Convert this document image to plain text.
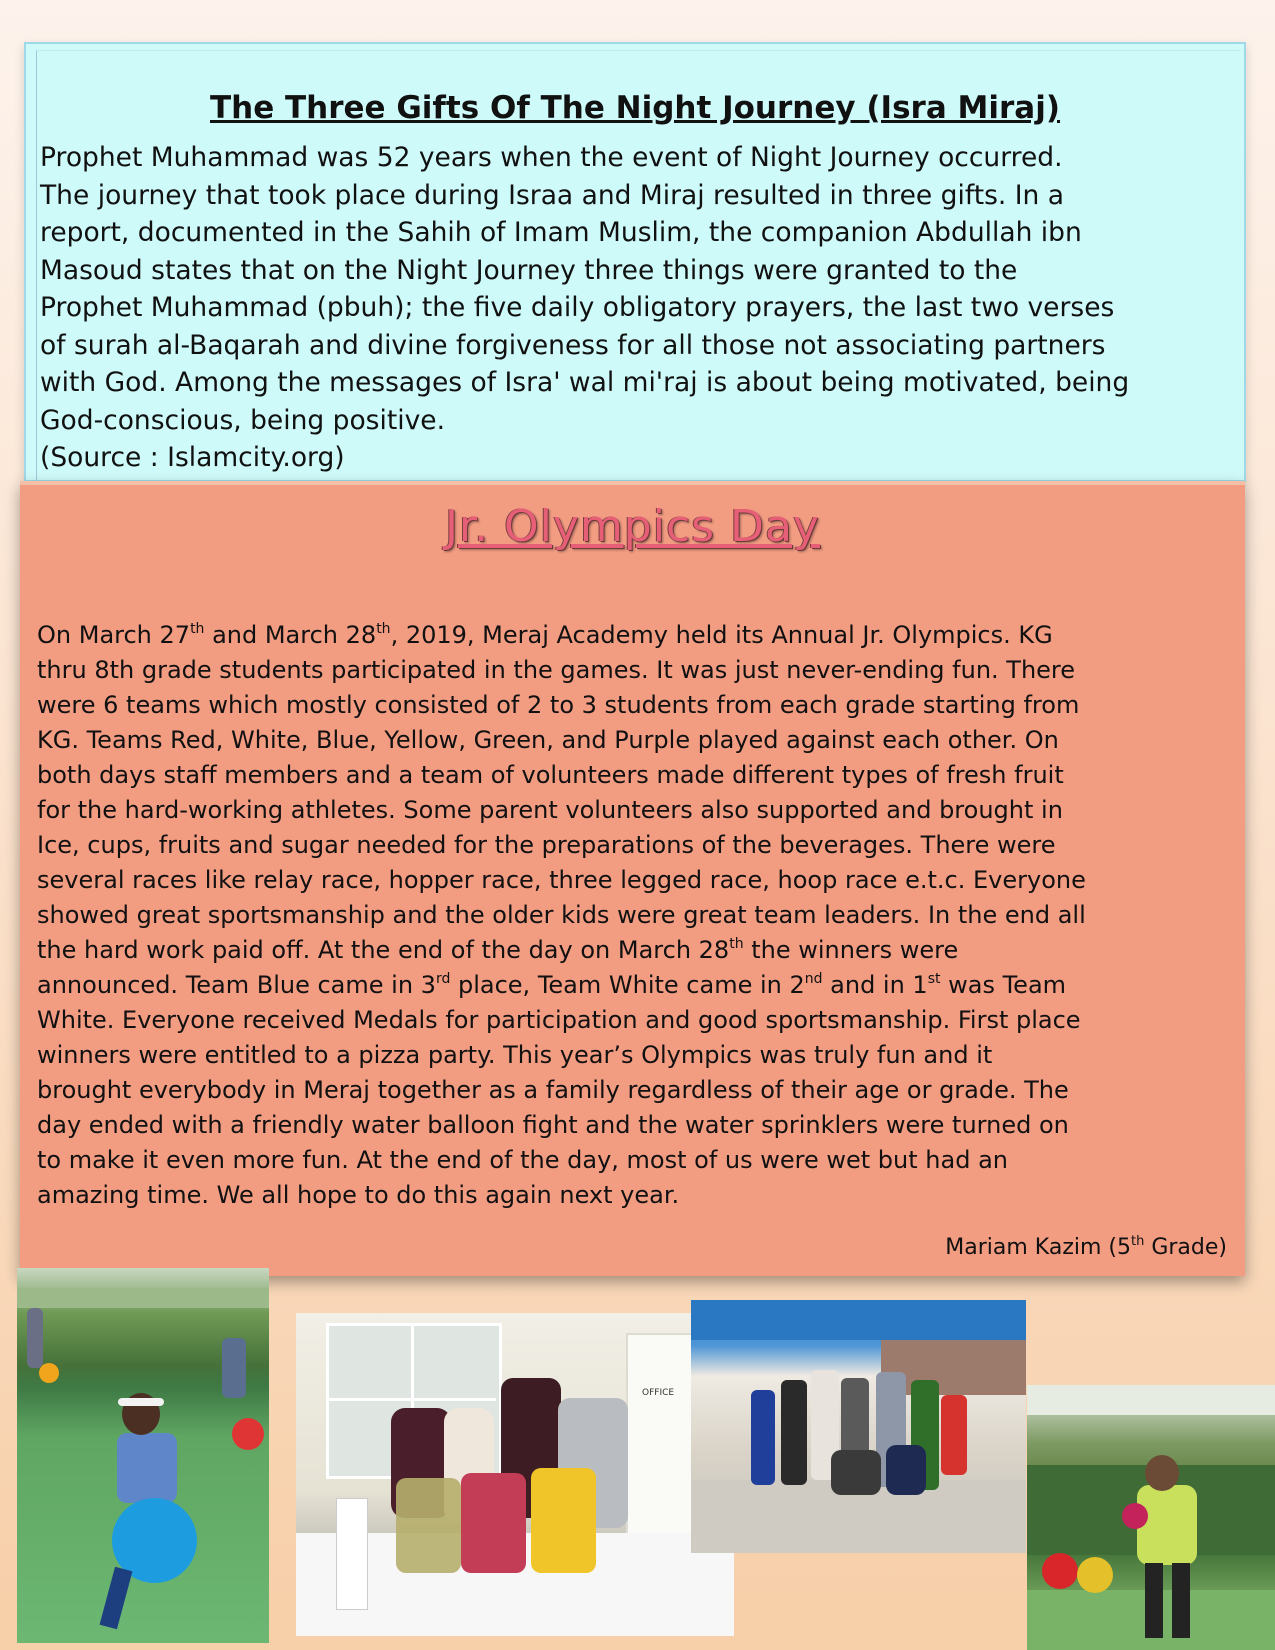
The Three Gifts Of The Night Journey (Isra Miraj)
Prophet Muhammad was 52 years when the event of Night Journey occurred.
The journey that took place during Israa and Miraj resulted in three gifts. In a
report, documented in the Sahih of Imam Muslim, the companion Abdullah ibn
Masoud states that on the Night Journey three things were granted to the
Prophet Muhammad (pbuh); the five daily obligatory prayers, the last two verses
of surah al-Baqarah and divine forgiveness for all those not associating partners
with God. Among the messages of Isra' wal mi'raj is about being motivated, being
God-conscious, being positive.
(Source : Islamcity.org)
Jr. Olympics Day
On March 27th and March 28th, 2019, Meraj Academy held its Annual Jr. Olympics. KG
thru 8th grade students participated in the games. It was just never-ending fun. There
were 6 teams which mostly consisted of 2 to 3 students from each grade starting from
KG. Teams Red, White, Blue, Yellow, Green, and Purple played against each other. On
both days staff members and a team of volunteers made different types of fresh fruit
for the hard-working athletes. Some parent volunteers also supported and brought in
Ice, cups, fruits and sugar needed for the preparations of the beverages. There were
several races like relay race, hopper race, three legged race, hoop race e.t.c. Everyone
showed great sportsmanship and the older kids were great team leaders. In the end all
the hard work paid off. At the end of the day on March 28th the winners were
announced. Team Blue came in 3rd place, Team White came in 2nd and in 1st was Team
White. Everyone received Medals for participation and good sportsmanship. First place
winners were entitled to a pizza party. This year’s Olympics was truly fun and it
brought everybody in Meraj together as a family regardless of their age or grade. The
day ended with a friendly water balloon fight and the water sprinklers were turned on
to make it even more fun. At the end of the day, most of us were wet but had an
amazing time. We all hope to do this again next year.
Mariam Kazim (5th Grade)
OFFICE
